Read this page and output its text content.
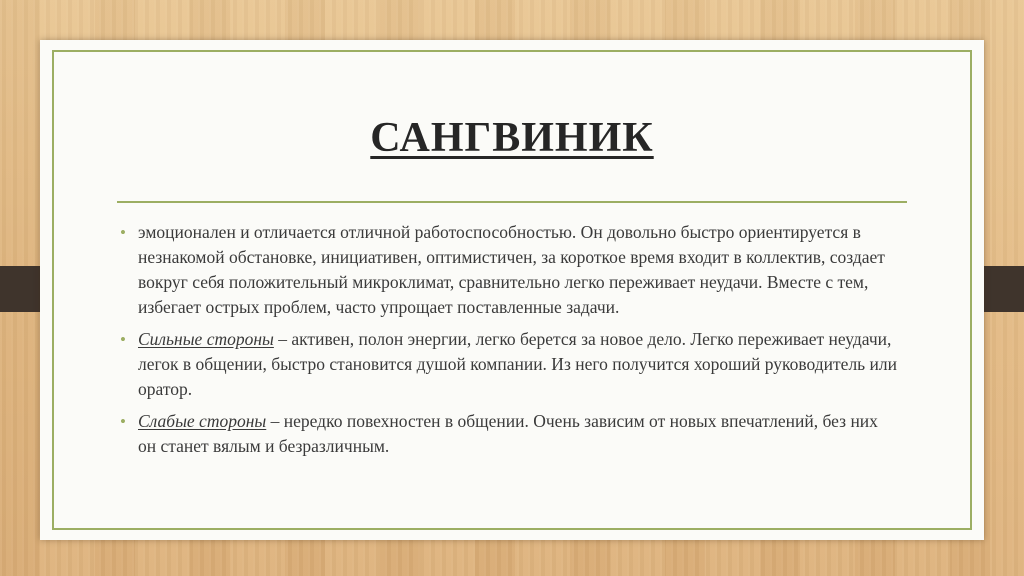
САНГВИНИК
• эмоционален и отличается отличной работоспособностью. Он довольно быстро ориентируется в незнакомой обстановке, инициативен, оптимистичен, за короткое время входит в коллектив, создает вокруг себя положительный микроклимат, сравнительно легко переживает неудачи. Вместе с тем, избегает острых проблем, часто упрощает поставленные задачи.
• Сильные стороны – активен, полон энергии, легко берется за новое дело. Легко переживает неудачи, легок в общении, быстро становится душой компании. Из него получится хороший руководитель или оратор.
• Слабые стороны – нередко повехностен в общении. Очень зависим от новых впечатлений, без них он станет вялым и безразличным.
